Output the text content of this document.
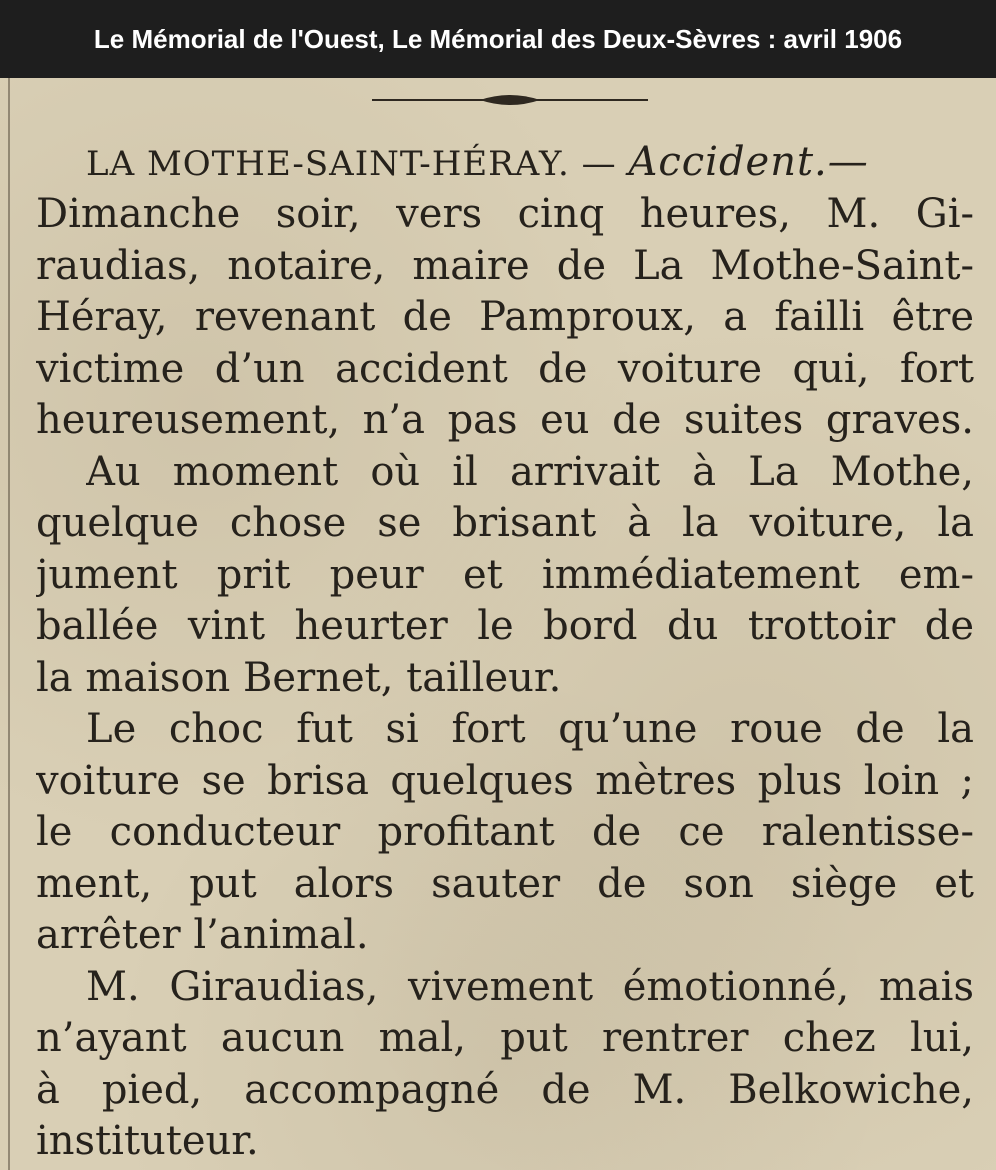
Le Mémorial de l'Ouest, Le Mémorial des Deux-Sèvres : avril 1906
LA MOTHE-SAINT-HÉRAY. — Accident.—
Dimanche soir, vers cinq heures, M. Gi-
raudias, notaire, maire de La Mothe-Saint-
Héray, revenant de Pamproux, a failli être
victime d’un accident de voiture qui, fort
heureusement, n’a pas eu de suites graves.
Au moment où il arrivait à La Mothe,
quelque chose se brisant à la voiture, la
jument prit peur et immédiatement em-
ballée vint heurter le bord du trottoir de
la maison Bernet, tailleur.
Le choc fut si fort qu’une roue de la
voiture se brisa quelques mètres plus loin ;
le conducteur profitant de ce ralentisse-
ment, put alors sauter de son siège et
arrêter l’animal.
M. Giraudias, vivement émotionné, mais
n’ayant aucun mal, put rentrer chez lui,
à pied, accompagné de M. Belkowiche,
instituteur.
